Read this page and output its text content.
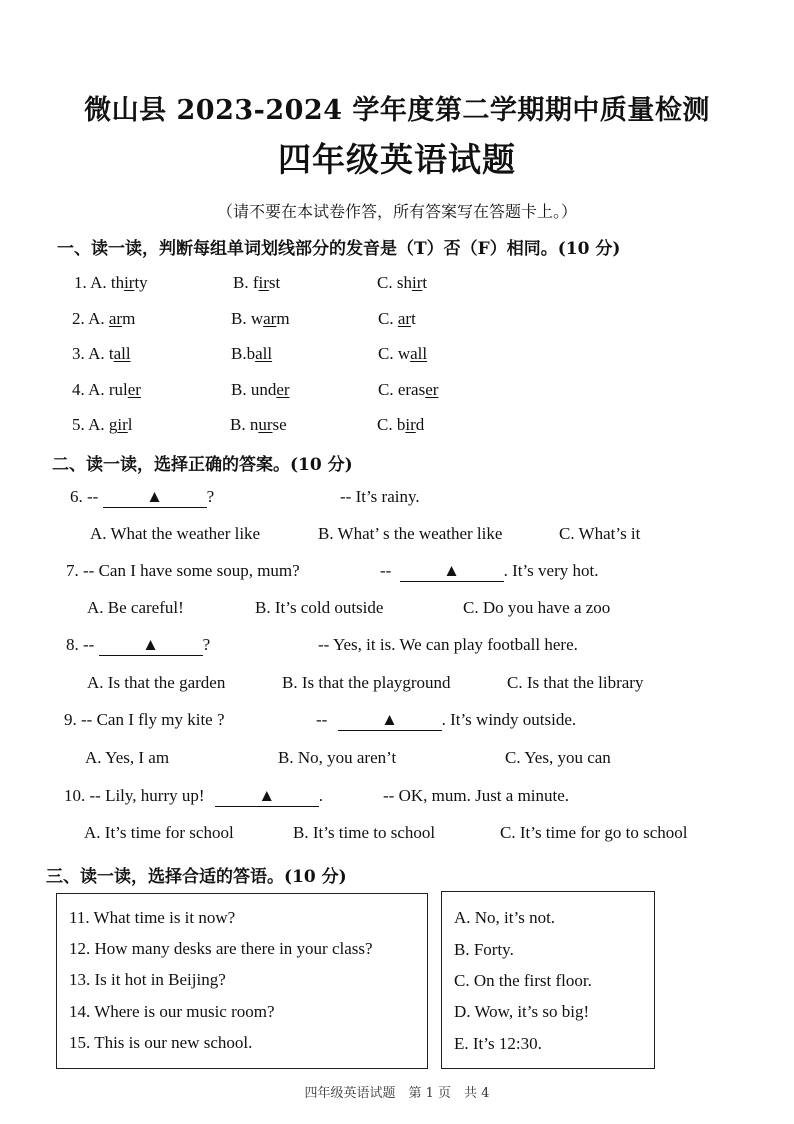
微山县 2023-2024 学年度第二学期期中质量检测
四年级英语试题
（请不要在本试卷作答，所有答案写在答题卡上。）
一、读一读，判断每组单词划线部分的发音是（T）否（F）相同。(10 分)
1. A. thirty	B. first	C. shirt
2. A. arm	B. warm	C. art
3. A. tall	B.ball	C. wall
4. A. ruler	B. under	C. eraser
5. A. girl	B. nurse	C. bird
二、读一读，选择正确的答案。(10 分)
6. --	▲	?	-- It’s rainy.
A. What the weather like	B. What’ s the weather like	C. What’s it
7. -- Can I have some soup, mum?	--	▲	. It’s very hot.
A. Be careful!	B. It’s cold outside	C. Do you have a zoo
8. --	▲	?	-- Yes, it is. We can play football here.
A. Is that the garden	B. Is that the playground	C. Is that the library
9. -- Can I fly my kite ?	--	▲	. It’s windy outside.
A. Yes, I am	B. No, you aren’t	C. Yes, you can
10. -- Lily, hurry up!	▲	.	-- OK, mum. Just a minute.
A. It’s time for school	B. It’s time to school	C. It’s time for go to school
三、读一读，选择合适的答语。(10 分)
11. What time is it now?
12. How many desks are there in your class?
13. Is it hot in Beijing?
14. Where is our music room?
15. This is our new school.
A. No, it’s not.
B. Forty.
C. On the first floor.
D. Wow, it’s so big!
E. It’s 12:30.
四年级英语试题　第 1 页　共 4
